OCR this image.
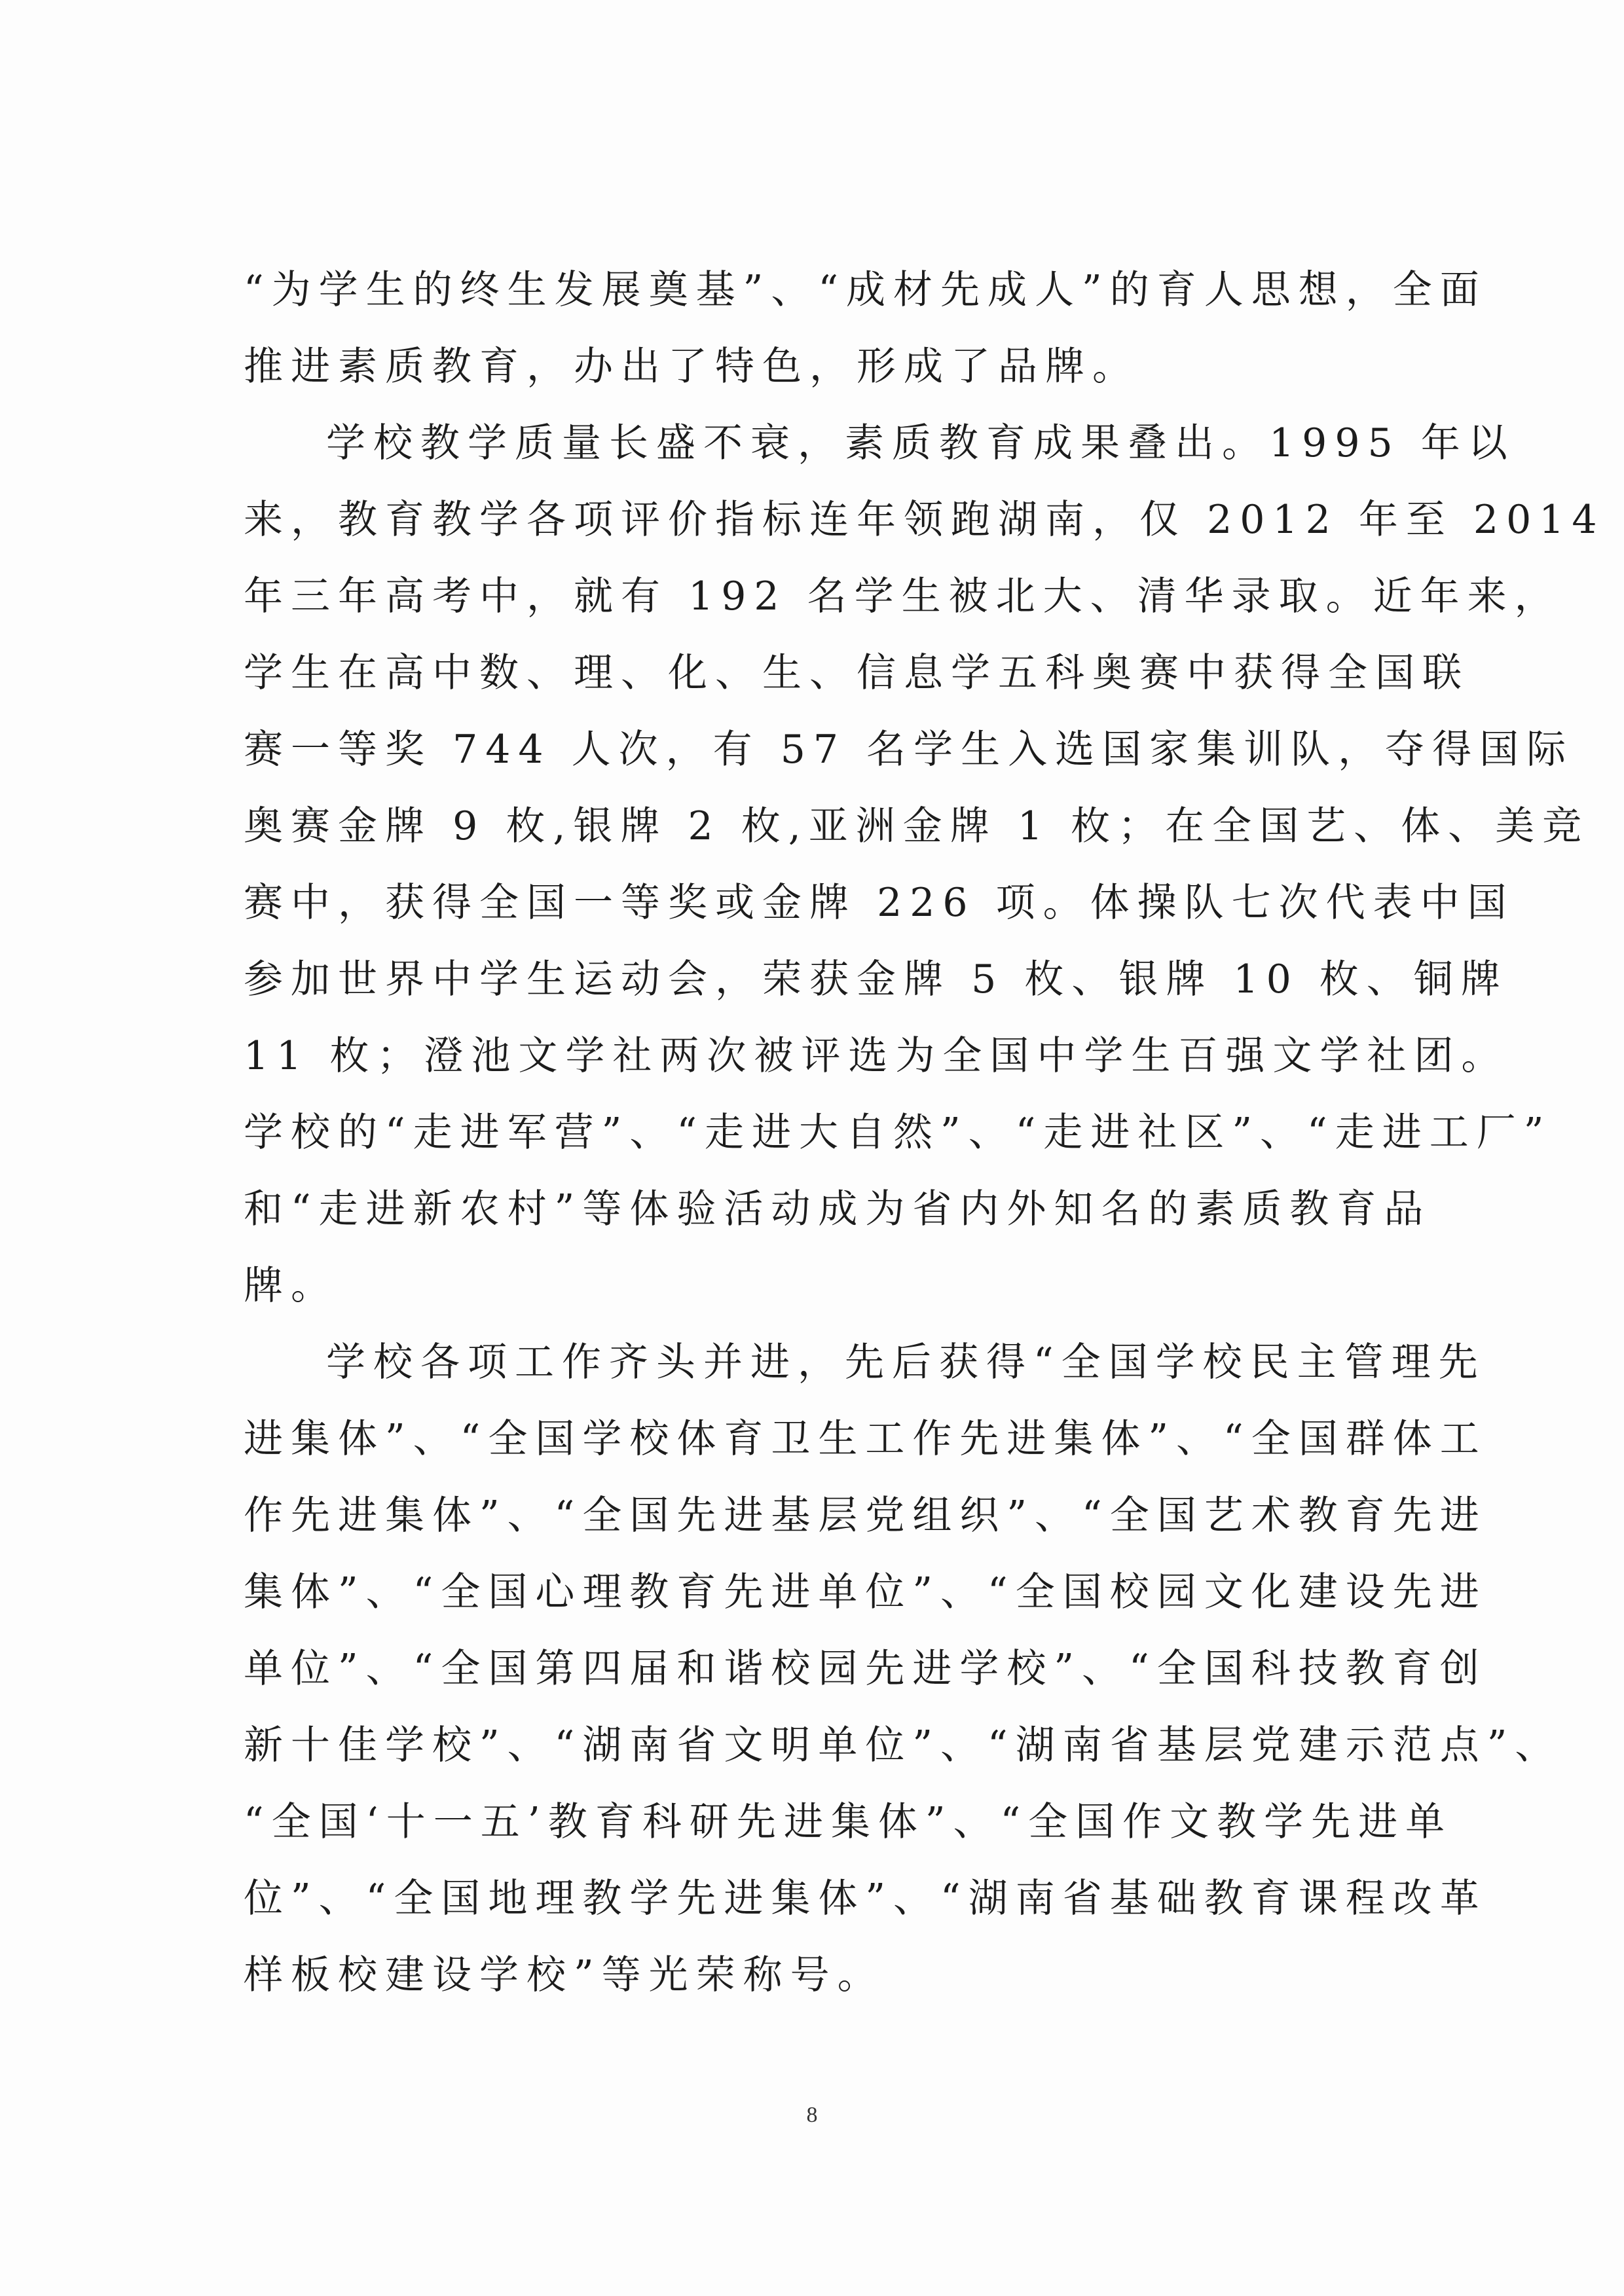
“为学生的终生发展奠基”、“成材先成人”的育人思想，全面
推进素质教育，办出了特色，形成了品牌。
学校教学质量长盛不衰，素质教育成果叠出。1995 年以
来，教育教学各项评价指标连年领跑湖南，仅 2012 年至 2014
年三年高考中，就有 192 名学生被北大、清华录取。近年来，
学生在高中数、理、化、生、信息学五科奥赛中获得全国联
赛一等奖 744 人次，有 57 名学生入选国家集训队，夺得国际
奥赛金牌 9 枚,银牌 2 枚,亚洲金牌 1 枚；在全国艺、体、美竞
赛中，获得全国一等奖或金牌 226 项。体操队七次代表中国
参加世界中学生运动会，荣获金牌 5 枚、银牌 10 枚、铜牌
11 枚；澄池文学社两次被评选为全国中学生百强文学社团。
学校的“走进军营”、“走进大自然”、“走进社区”、“走进工厂”
和“走进新农村”等体验活动成为省内外知名的素质教育品
牌。
学校各项工作齐头并进，先后获得“全国学校民主管理先
进集体”、“全国学校体育卫生工作先进集体”、“全国群体工
作先进集体”、“全国先进基层党组织”、“全国艺术教育先进
集体”、“全国心理教育先进单位”、“全国校园文化建设先进
单位”、“全国第四届和谐校园先进学校”、“全国科技教育创
新十佳学校”、“湖南省文明单位”、“湖南省基层党建示范点”、
“全国‘十一五’教育科研先进集体”、“全国作文教学先进单
位”、“全国地理教学先进集体”、“湖南省基础教育课程改革
样板校建设学校”等光荣称号。
8
